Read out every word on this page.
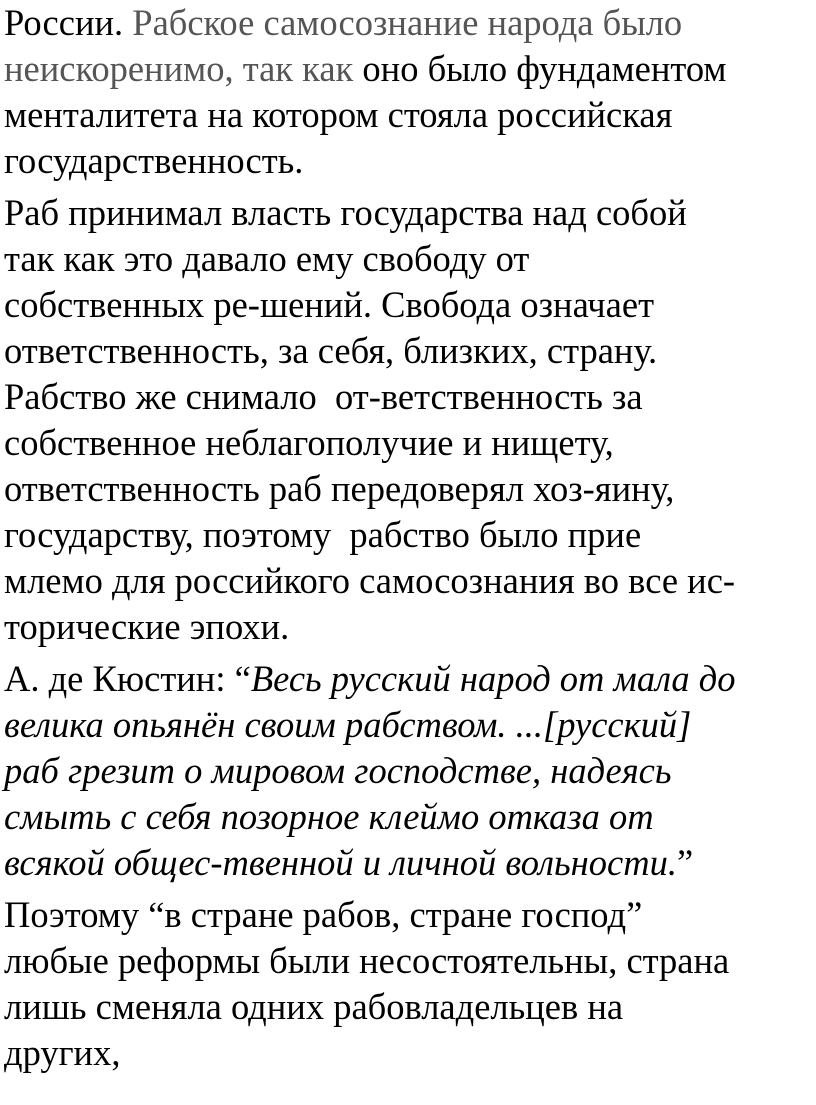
России. Рабское самосознание народа было
неискоренимо, так как оно было фундаментом
менталитета на котором стояла российская
государственность.
Раб принимал власть государства над собой
так как это давало ему свободу от
собственных ре-шений. Свобода означает
ответственность, за себя, близких, страну.
Рабство же снимало  от-ветственность за
собственное неблагополучие и нищету,
ответственность раб передоверял хоз-яину,
государству, поэтому  рабство было прие
млемо для российкого самосознания во все ис-
торические эпохи.
А. де Кюстин: “Весь русский народ от мала до
велика опьянён своим рабством. ...[русский]
раб грезит о мировом господстве, надеясь
смыть с себя позорное клеймо отказа от
всякой общес-твенной и личной вольности.”
Поэтому “в стране рабов, стране господ”
любые реформы были несостоятельны, страна
лишь сменяла одних рабовладельцев на
других,
